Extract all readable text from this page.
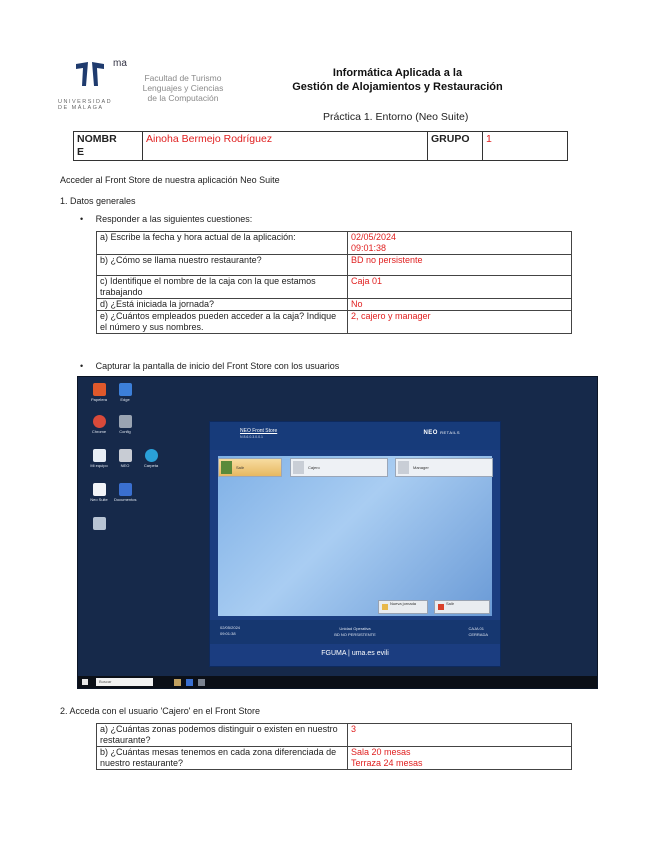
ma
UNIVERSIDAD
DE MÁLAGA
Facultad de Turismo
Lenguajes y Ciencias
de la Computación
Informática Aplicada a la
Gestión de Alojamientos y Restauración
Práctica 1. Entorno (Neo Suite)
NOMBR
E
	Ainoha Bermejo Rodríguez	GRUPO	1
Acceder al Front Store de nuestra aplicación Neo Suite
1. Datos generales
•     Responder a las siguientes cuestiones:
a) Escribe la fecha y hora actual de la aplicación:	02/05/2024
09:01:38

b) ¿Cómo se llama nuestro restaurante?	BD no persistente
c) Identifique el nombre de la caja con la que estamos trabajando	Caja 01
d) ¿Está iniciada la jornada?	No
e) ¿Cuántos empleados pueden acceder a la caja? Indique el número y sus nombres.	2, cajero y manager
•     Capturar la pantalla de inicio del Front Store con los usuarios
Papelera	Edge
Chrome	Config
Mi equipo	NEO	Carpeta
Neo Suite	Documentos
NEO Front Store
N 8.6.0.3.0.0.1
NEO RETAILS
Salir	Cajero	Manager
Nueva jornada	Salir
02/05/2024
09:01:38
Unidad Operativa
BD NO PERSISTENTE
CAJA 01
CERRADA
FGUMA | uma.es evili
Buscar
2. Acceda con el usuario 'Cajero' en el Front Store
a) ¿Cuántas zonas podemos distinguir o existen en nuestro restaurante?	3
b) ¿Cuántas mesas tenemos en cada zona diferenciada de nuestro restaurante?	Sala 20 mesas
Terraza 24 mesas
